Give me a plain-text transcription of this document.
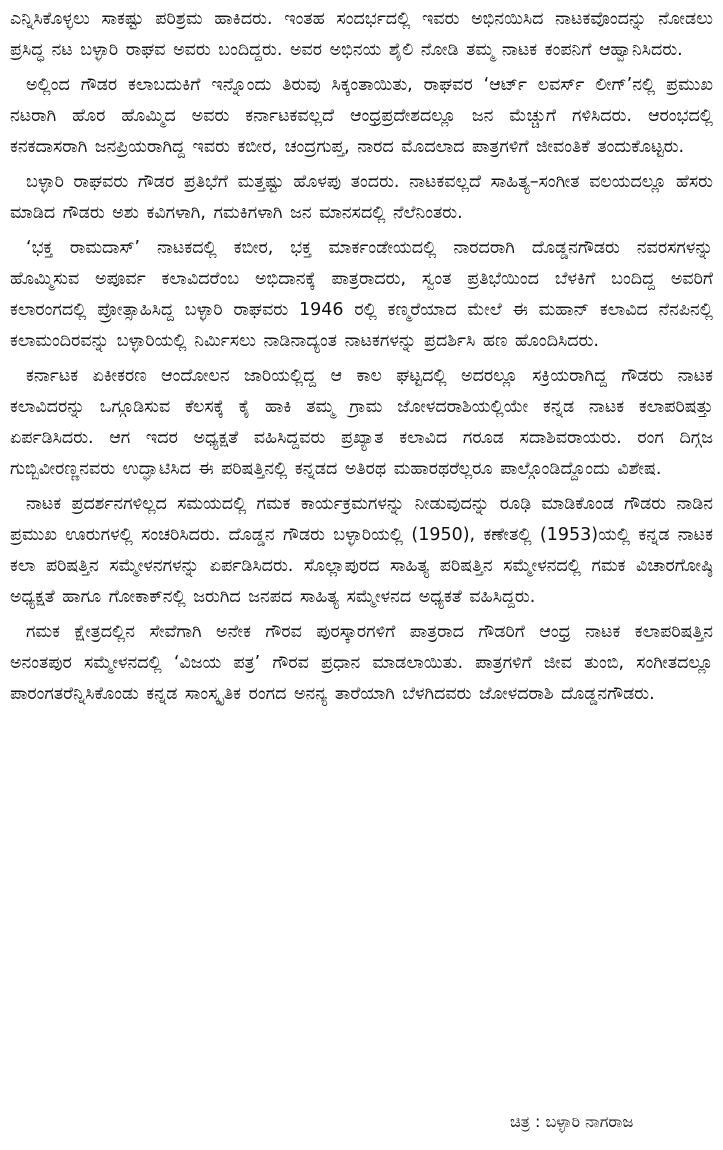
ಎನ್ನಿಸಿಕೊಳ್ಳಲು ಸಾಕಷ್ಟು ಪರಿಶ್ರಮ ಹಾಕಿದರು. ಇಂತಹ ಸಂದರ್ಭದಲ್ಲಿ ಇವರು ಅಭಿನಯಿಸಿದ ನಾಟಕವೊಂದನ್ನು ನೋಡಲು ಪ್ರಸಿದ್ಧ ನಟ ಬಳ್ಳಾರಿ ರಾಘವ ಅವರು ಬಂದಿದ್ದರು. ಅವರ ಅಭಿನಯ ಶೈಲಿ ನೋಡಿ ತಮ್ಮ ನಾಟಕ ಕಂಪನಿಗೆ ಆಹ್ವಾನಿಸಿದರು.

ಅಲ್ಲಿಂದ ಗೌಡರ ಕಲಾಬದುಕಿಗೆ ಇನ್ನೊಂದು ತಿರುವು ಸಿಕ್ಕಂತಾಯಿತು, ರಾಘವರ ‘ಆರ್ಟ್ ಲವರ್ಸ್ ಲೀಗ್’ನಲ್ಲಿ ಪ್ರಮುಖ ನಟರಾಗಿ ಹೊರ ಹೊಮ್ಮಿದ ಅವರು ಕರ್ನಾಟಕವಲ್ಲದೆ ಆಂಧ್ರಪ್ರದೇಶದಲ್ಲೂ ಜನ ಮೆಚ್ಚುಗೆ ಗಳಿಸಿದರು. ಆರಂಭದಲ್ಲಿ ಕನಕದಾಸರಾಗಿ ಜನಪ್ರಿಯರಾಗಿದ್ದ ಇವರು ಕಬೀರ, ಚಂದ್ರಗುಪ್ತ, ನಾರದ ಮೊದಲಾದ ಪಾತ್ರಗಳಿಗೆ ಜೀವಂತಿಕೆ ತಂದುಕೊಟ್ಟರು.

ಬಳ್ಳಾರಿ ರಾಘವರು ಗೌಡರ ಪ್ರತಿಭೆಗೆ ಮತ್ತಷ್ಟು ಹೊಳಪು ತಂದರು. ನಾಟಕವಲ್ಲದೆ ಸಾಹಿತ್ಯ–ಸಂಗೀತ ವಲಯದಲ್ಲೂ ಹೆಸರು ಮಾಡಿದ ಗೌಡರು ಅಶು ಕವಿಗಳಾಗಿ, ಗಮಕಿಗಳಾಗಿ ಜನ ಮಾನಸದಲ್ಲಿ ನೆಲೆನಿಂತರು.

‘ಭಕ್ತ ರಾಮದಾಸ್’ ನಾಟಕದಲ್ಲಿ ಕಬೀರ, ಭಕ್ತ ಮಾರ್ಕಂಡೇಯದಲ್ಲಿ ನಾರದರಾಗಿ ದೊಡ್ಡನಗೌಡರು ನವರಸಗಳನ್ನು ಹೊಮ್ಮಿಸುವ ಅಪೂರ್ವ ಕಲಾವಿದರೆಂಬ ಅಭಿದಾನಕ್ಕೆ ಪಾತ್ರರಾದರು, ಸ್ವಂತ ಪ್ರತಿಭೆಯಿಂದ ಬೆಳಕಿಗೆ ಬಂದಿದ್ದ ಅವರಿಗೆ ಕಲಾರಂಗದಲ್ಲಿ ಪ್ರೋತ್ಸಾಹಿಸಿದ್ದ ಬಳ್ಳಾರಿ ರಾಘವರು 1946 ರಲ್ಲಿ ಕಣ್ಮರೆಯಾದ ಮೇಲೆ ಈ ಮಹಾನ್ ಕಲಾವಿದ ನೆನಪಿನಲ್ಲಿ ಕಲಾಮಂದಿರವನ್ನು ಬಳ್ಳಾರಿಯಲ್ಲಿ ನಿರ್ಮಿಸಲು ನಾಡಿನಾದ್ಯಂತ ನಾಟಕಗಳನ್ನು ಪ್ರದರ್ಶಿಸಿ ಹಣ ಹೊಂದಿಸಿದರು.

ಕರ್ನಾಟಕ ಏಕೀಕರಣ ಆಂದೋಲನ ಜಾರಿಯಲ್ಲಿದ್ದ ಆ ಕಾಲ ಘಟ್ಟದಲ್ಲಿ ಅದರಲ್ಲೂ ಸಕ್ರಿಯರಾಗಿದ್ದ ಗೌಡರು ನಾಟಕ ಕಲಾವಿದರನ್ನು ಒಗ್ಗೂಡಿಸುವ ಕೆಲಸಕ್ಕೆ ಕೈ ಹಾಕಿ ತಮ್ಮ ಗ್ರಾಮ ಜೋಳದರಾಶಿಯಲ್ಲಿಯೇ ಕನ್ನಡ ನಾಟಕ ಕಲಾಪರಿಷತ್ತು ಏರ್ಪಡಿಸಿದರು. ಆಗ ಇದರ ಅಧ್ಯಕ್ಷತೆ ವಹಿಸಿದ್ದವರು ಪ್ರಖ್ಯಾತ ಕಲಾವಿದ ಗರೂಡ ಸದಾಶಿವರಾಯರು. ರಂಗ ದಿಗ್ಗಜ ಗುಬ್ಬಿವೀರಣ್ಣನವರು ಉದ್ಘಾಟಿಸಿದ ಈ ಪರಿಷತ್ತಿನಲ್ಲಿ ಕನ್ನಡದ ಅತಿರಥ ಮಹಾರಥರೆಲ್ಲರೂ ಪಾಲ್ಗೊಂಡಿದ್ದೊಂದು ವಿಶೇಷ.

ನಾಟಕ ಪ್ರದರ್ಶನಗಳಿಲ್ಲದ ಸಮಯದಲ್ಲಿ ಗಮಕ ಕಾರ್ಯಕ್ರಮಗಳನ್ನು ನೀಡುವುದನ್ನು ರೂಢಿ ಮಾಡಿಕೊಂಡ ಗೌಡರು ನಾಡಿನ ಪ್ರಮುಖ ಊರುಗಳಲ್ಲಿ ಸಂಚರಿಸಿದರು. ದೊಡ್ಡನ ಗೌಡರು ಬಳ್ಳಾರಿಯಲ್ಲಿ (1950), ಕಣೇತಲ್ಲಿ (1953)ಯಲ್ಲಿ ಕನ್ನಡ ನಾಟಕ ಕಲಾ ಪರಿಷತ್ತಿನ ಸಮ್ಮೇಳನಗಳನ್ನು ಏರ್ಪಡಿಸಿದರು. ಸೊಲ್ಲಾಪುರದ ಸಾಹಿತ್ಯ ಪರಿಷತ್ತಿನ ಸಮ್ಮೇಳನದಲ್ಲಿ ಗಮಕ ವಿಚಾರಗೋಷ್ಠಿ ಅಧ್ಯಕ್ಷತೆ ಹಾಗೂ ಗೋಕಾಕ್‌ನಲ್ಲಿ ಜರುಗಿದ ಜನಪದ ಸಾಹಿತ್ಯ ಸಮ್ಮೇಳನದ ಅಧ್ಯಕತೆ ವಹಿಸಿದ್ದರು.

ಗಮಕ ಕ್ಷೇತ್ರದಲ್ಲಿನ ಸೇವೆಗಾಗಿ ಅನೇಕ ಗೌರವ ಪುರಸ್ಕಾರಗಳಿಗೆ ಪಾತ್ರರಾದ ಗೌಡರಿಗೆ ಆಂಧ್ರ ನಾಟಕ ಕಲಾಪರಿಷತ್ತಿನ ಅನಂತಪುರ ಸಮ್ಮೇಳನದಲ್ಲಿ ‘ವಿಜಯ ಪತ್ರ’ ಗೌರವ ಪ್ರಧಾನ ಮಾಡಲಾಯಿತು. ಪಾತ್ರಗಳಿಗೆ ಜೀವ ತುಂಬಿ, ಸಂಗೀತದಲ್ಲೂ ಪಾರಂಗತರೆನ್ನಿಸಿಕೊಂಡು ಕನ್ನಡ ಸಾಂಸ್ಕೃತಿಕ ರಂಗದ ಅನನ್ಯ ತಾರೆಯಾಗಿ ಬೆಳಗಿದವರು ಜೋಳದರಾಶಿ ದೊಡ್ಡನಗೌಡರು.

ಚಿತ್ರ : ಬಳ್ಳಾರಿ ನಾಗರಾಜ
